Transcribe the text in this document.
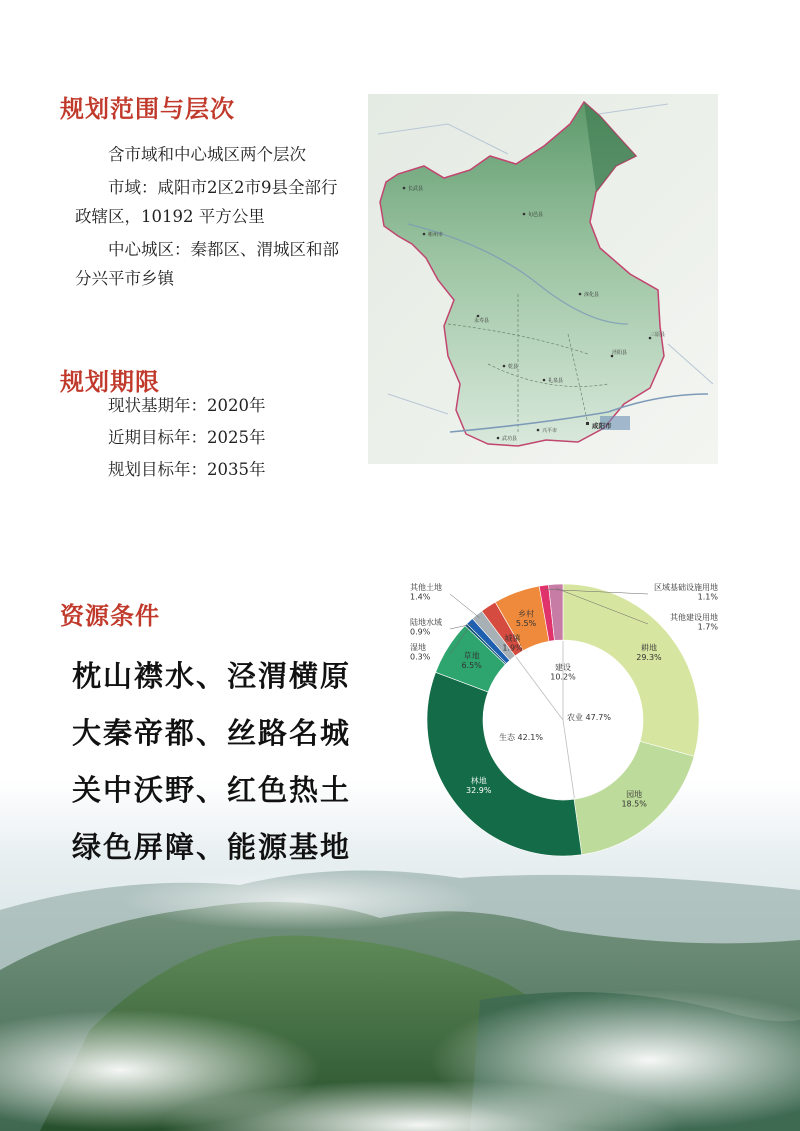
规划范围与层次

含市域和中心城区两个层次

市域：咸阳市2区2市9县全部行政辖区，10192 平方公里

中心城区：秦都区、渭城区和部分兴平市乡镇

规划期限
现状基期年：2020年
近期目标年：2025年
规划目标年：2035年
长武县
旬邑县
彬州市
淳化县
永寿县
三原县
泾阳县
乾县
礼泉县
武功县
兴平市
咸阳市
资源条件
枕山襟水、泾渭横原
大秦帝都、丝路名城
关中沃野、红色热土
绿色屏障、能源基地
耕地 29.3%
园地 18.5%
林地 32.9%
草地 6.5%
城镇 1.9%
乡村 5.5%
其他土地 1.4%
陆地水域 0.9%
湿地 0.3%
区域基础设施用地 1.1%
其他建设用地 1.7%
农业 47.7%
生态 42.1%
建设 10.2%
